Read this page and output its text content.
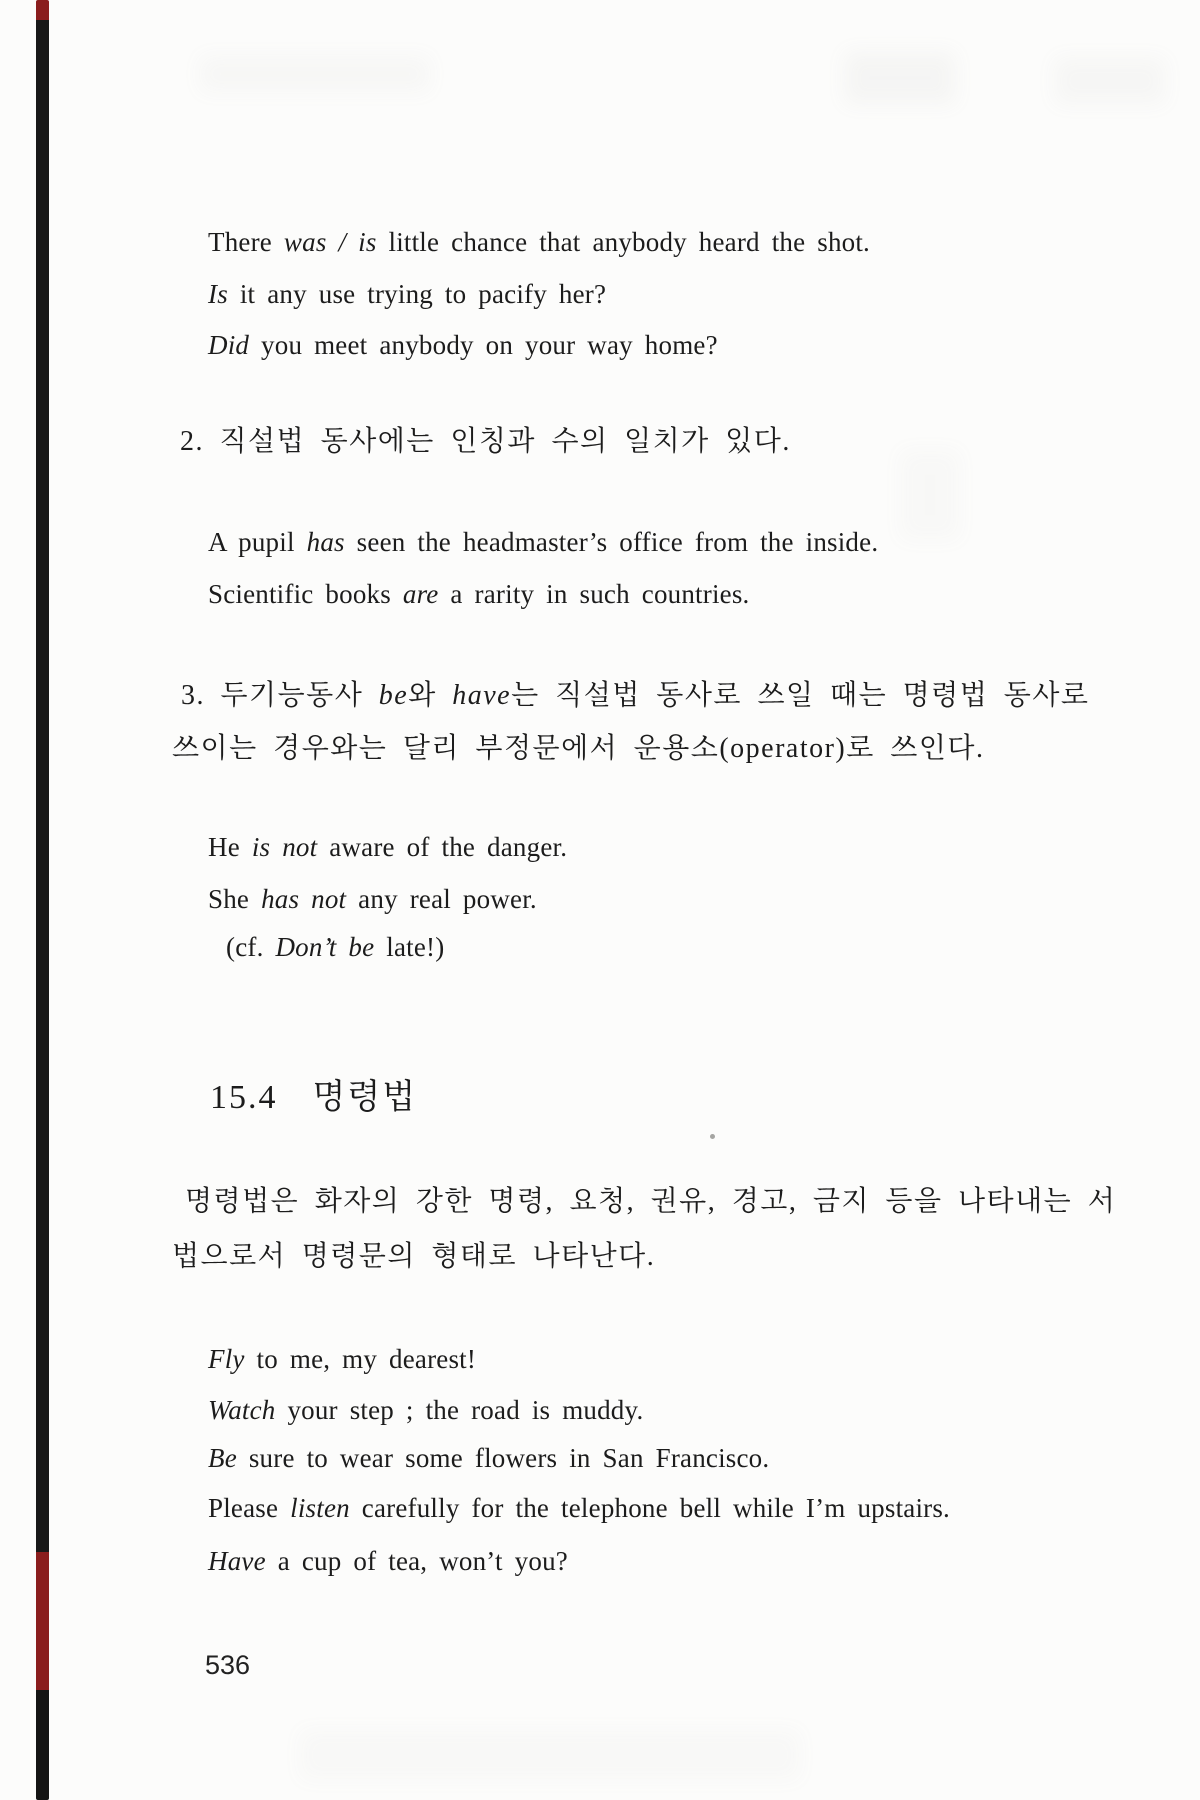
There was / is little chance that anybody heard the shot.
Is it any use trying to pacify her?
Did you meet anybody on your way home?
2. 직설법 동사에는 인칭과 수의 일치가 있다.
A pupil has seen the headmaster’s office from the inside.
Scientific books are a rarity in such countries.
3. 두기능동사 be와 have는 직설법 동사로 쓰일 때는 명령법 동사로
쓰이는 경우와는 달리 부정문에서 운용소(operator)로 쓰인다.
He is not aware of the danger.
She has not any real power.
(cf. Don’t be late!)
15.4  명령법
명령법은 화자의 강한 명령, 요청, 권유, 경고, 금지 등을 나타내는 서
법으로서 명령문의 형태로 나타난다.
Fly to me, my dearest!
Watch your step ; the road is muddy.
Be sure to wear some flowers in San Francisco.
Please listen carefully for the telephone bell while I’m upstairs.
Have a cup of tea, won’t you?
536
